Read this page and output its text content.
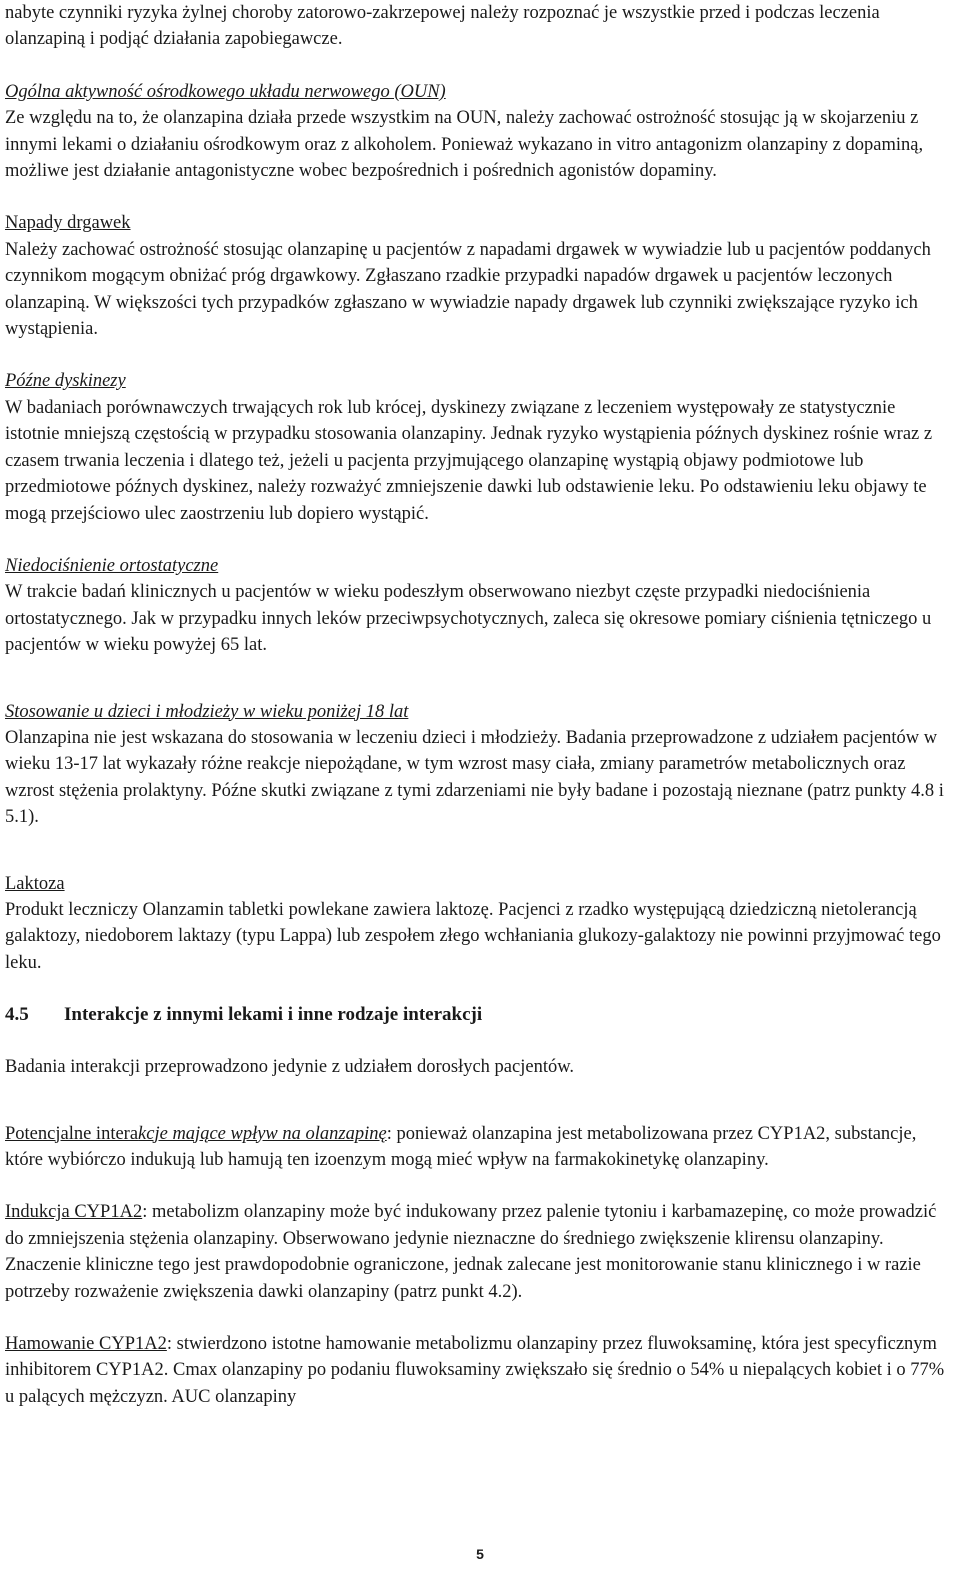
nabyte czynniki ryzyka żylnej choroby zatorowo-zakrzepowej należy rozpoznać je wszystkie przed i podczas leczenia olanzapiną i podjąć działania zapobiegawcze.

Ogólna aktywność ośrodkowego układu nerwowego (OUN)

Ze względu na to, że olanzapina działa przede wszystkim na OUN, należy zachować ostrożność stosując ją w skojarzeniu z innymi lekami o działaniu ośrodkowym oraz z alkoholem. Ponieważ wykazano in vitro antagonizm olanzapiny z dopaminą, możliwe jest działanie antagonistyczne wobec bezpośrednich i pośrednich agonistów dopaminy.

Napady drgawek

Należy zachować ostrożność stosując olanzapinę u pacjentów z napadami drgawek w wywiadzie lub u pacjentów poddanych czynnikom mogącym obniżać próg drgawkowy. Zgłaszano rzadkie przypadki napadów drgawek u pacjentów leczonych olanzapiną. W większości tych przypadków zgłaszano w wywiadzie napady drgawek lub czynniki zwiększające ryzyko ich wystąpienia.

Późne dyskinezy

W badaniach porównawczych trwających rok lub krócej, dyskinezy związane z leczeniem występowały ze statystycznie istotnie mniejszą częstością w przypadku stosowania olanzapiny. Jednak ryzyko wystąpienia późnych dyskinez rośnie wraz z czasem trwania leczenia i dlatego też, jeżeli u pacjenta przyjmującego olanzapinę wystąpią objawy podmiotowe lub przedmiotowe późnych dyskinez, należy rozważyć zmniejszenie dawki lub odstawienie leku. Po odstawieniu leku objawy te mogą przejściowo ulec zaostrzeniu lub dopiero wystąpić.

Niedociśnienie ortostatyczne

W trakcie badań klinicznych u pacjentów w wieku podeszłym obserwowano niezbyt częste przypadki niedociśnienia ortostatycznego. Jak w przypadku innych leków przeciwpsychotycznych, zaleca się okresowe pomiary ciśnienia tętniczego u pacjentów w wieku powyżej 65 lat.

Stosowanie u dzieci i młodzieży w wieku poniżej 18 lat

Olanzapina nie jest wskazana do stosowania w leczeniu dzieci i młodzieży. Badania przeprowadzone z udziałem pacjentów w wieku 13-17 lat wykazały różne reakcje niepożądane, w tym wzrost masy ciała, zmiany parametrów metabolicznych oraz wzrost stężenia prolaktyny. Późne skutki związane z tymi zdarzeniami nie były badane i pozostają nieznane (patrz punkty 4.8 i 5.1).

Laktoza

Produkt leczniczy Olanzamin tabletki powlekane zawiera laktozę. Pacjenci z rzadko występującą dziedziczną nietolerancją galaktozy, niedoborem laktazy (typu Lappa) lub zespołem złego wchłaniania glukozy-galaktozy nie powinni przyjmować tego leku.

4.5 Interakcje z innymi lekami i inne rodzaje interakcji

Badania interakcji przeprowadzono jedynie z udziałem dorosłych pacjentów.

Potencjalne interakcje mające wpływ na olanzapinę: ponieważ olanzapina jest metabolizowana przez CYP1A2, substancje, które wybiórczo indukują lub hamują ten izoenzym mogą mieć wpływ na farmakokinetykę olanzapiny.

Indukcja CYP1A2: metabolizm olanzapiny może być indukowany przez palenie tytoniu i karbamazepinę, co może prowadzić do zmniejszenia stężenia olanzapiny. Obserwowano jedynie nieznaczne do średniego zwiększenie klirensu olanzapiny. Znaczenie kliniczne tego jest prawdopodobnie ograniczone, jednak zalecane jest monitorowanie stanu klinicznego i w razie potrzeby rozważenie zwiększenia dawki olanzapiny (patrz punkt 4.2).

Hamowanie CYP1A2: stwierdzono istotne hamowanie metabolizmu olanzapiny przez fluwoksaminę, która jest specyficznym inhibitorem CYP1A2. Cmax olanzapiny po podaniu fluwoksaminy zwiększało się średnio o 54% u niepalących kobiet i o 77% u palących mężczyzn. AUC olanzapiny

5
